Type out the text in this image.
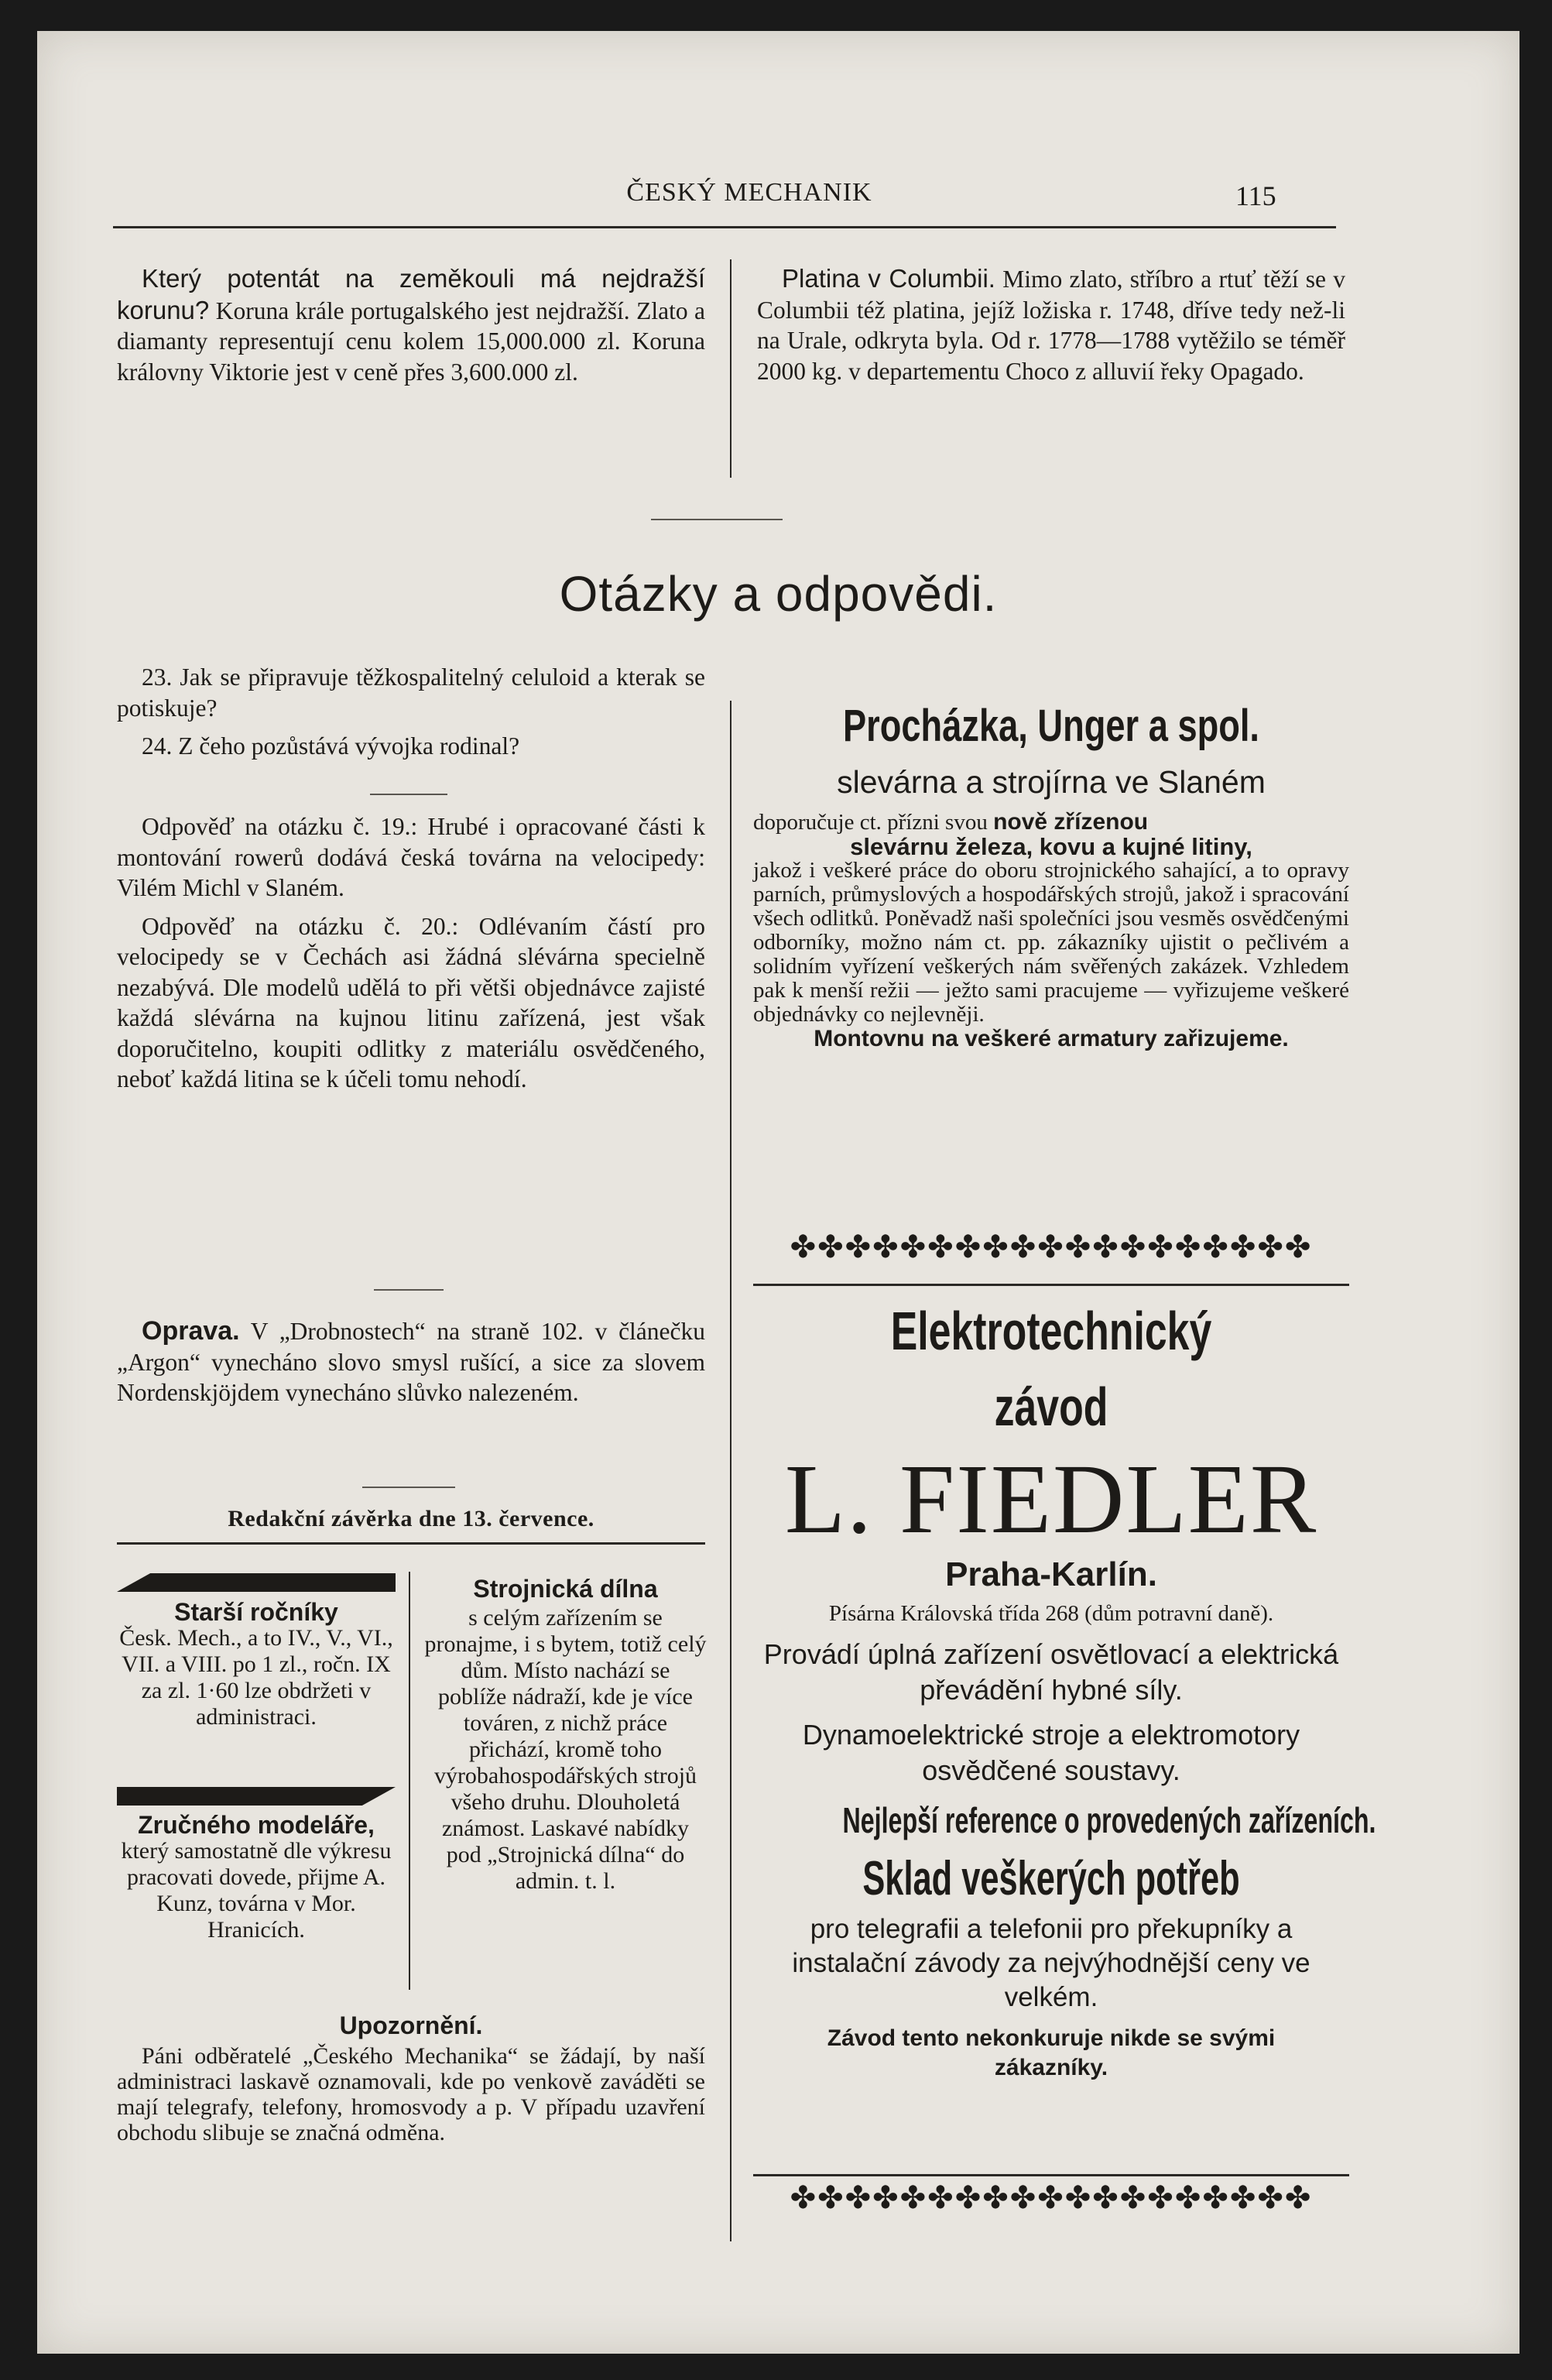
ČESKÝ MECHANIK	115

Který potentát na zeměkouli má nejdražší korunu? Koruna krále portugalského jest nejdražší. Zlato a diamanty representují cenu kolem 15,000.000 zl. Koruna královny Viktorie jest v ceně přes 3,600.000 zl.

Platina v Columbii. Mimo zlato, stříbro a rtuť těží se v Columbii též platina, jejíž ložiska r. 1748, dříve tedy než-li na Urale, odkryta byla. Od r. 1778—1788 vytěžilo se téměř 2000 kg. v departementu Choco z alluvií řeky Opagado.

Otázky a odpovědi.

23. Jak se připravuje těžkospalitelný celuloid a kterak se potiskuje?

24. Z čeho pozůstává vývojka rodinal?

Odpověď na otázku č. 19.: Hrubé i opracované části k montování rowerů dodává česká továrna na velocipedy: Vilém Michl v Slaném.

Odpověď na otázku č. 20.: Odlévaním částí pro velocipedy se v Čechách asi žádná slévárna specielně nezabývá. Dle modelů udělá to při větši objednávce zajisté každá slévárna na kujnou litinu zařízená, jest však doporučitelno, koupiti odlitky z materiálu osvědčeného, neboť každá litina se k účeli tomu nehodí.

Oprava. V „Drobnostech“ na straně 102. v článečku „Argon“ vynecháno slovo smysl rušící, a sice za slovem Nordenskjöjdem vynecháno slůvko nalezeném.

Redakční závěrka dne 13. července.

Starší ročníky

Česk. Mech., a to IV., V., VI., VII. a VIII. po 1 zl., ročn. IX za zl. 1·60 lze obdržeti v administraci.

Zručného modeláře,

který samostatně dle výkresu pracovati dovede, přijme A. Kunz, továrna v Mor. Hranicích.

Strojnická dílna

s celým zařízením se pronajme, i s bytem, totiž celý dům. Místo nachází se poblíže nádraží, kde je více továren, z nichž práce přichází, kromě toho výrobahospodářských strojů všeho druhu. Dlouholetá známost. Laskavé nabídky pod „Strojnická dílna“ do admin. t. l.

Upozornění.

Páni odběratelé „Českého Mechanika“ se žádají, by naší administraci laskavě oznamovali, kde po venkově zaváděti se mají telegrafy, telefony, hromosvody a p. V případu uzavření obchodu slibuje se značná odměna.

Procházka, Unger a spol.
slevárna a strojírna ve Slaném

doporučuje ct. přízni svou nově zřízenou

slevárnu železa, kovu a kujné litiny,

jakož i veškeré práce do oboru strojnického sahající, a to opravy parních, průmyslových a hospodářských strojů, jakož i spracování všech odlitků. Poněvadž naši společníci jsou vesměs osvědčenými odborníky, možno nám ct. pp. zákazníky ujistit o pečlivém a solidním vyřízení veškerých nám svěřených zakázek. Vzhledem pak k menší režii — ježto sami pracujeme — vyřizujeme veškeré objednávky co nejlevněji.

Montovnu na veškeré armatury zařizujeme.

✤✤✤✤✤✤✤✤✤✤✤✤✤✤✤✤✤✤✤
Elektrotechnický závod
L. FIEDLER
Praha-Karlín.
Písárna Královská třída 268 (dům potravní daně).
Provádí úplná zařízení osvětlovací a elektrická převádění hybné síly.
Dynamoelektrické stroje a elektromotory osvědčené soustavy.
Nejlepší reference o provedených zařízeních.
Sklad veškerých potřeb
pro telegrafii a telefonii pro překupníky a instalační závody za nejvýhodnější ceny ve velkém.
Závod tento nekonkuruje nikde se svými zákazníky.
✤✤✤✤✤✤✤✤✤✤✤✤✤✤✤✤✤✤✤
